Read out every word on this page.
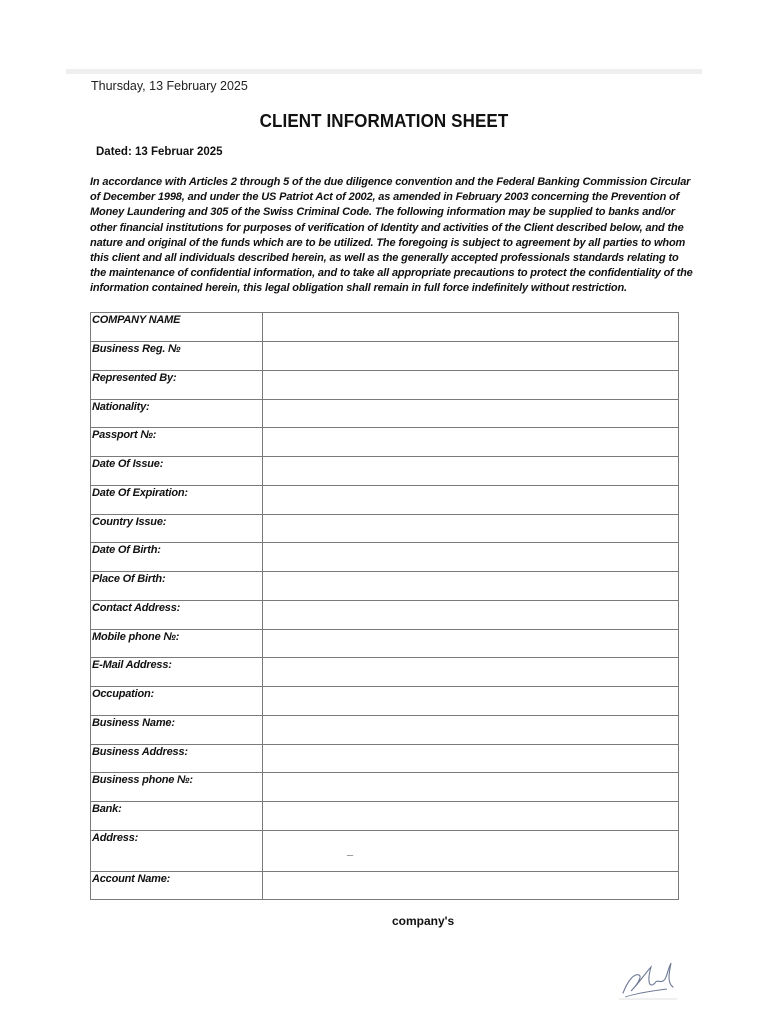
Thursday, 13 February 2025
CLIENT INFORMATION SHEET
Dated: 13 Februar 2025
In accordance with Articles 2 through 5 of the due diligence convention and the Federal Banking Commission Circular of December 1998, and under the US Patriot Act of 2002, as amended in February 2003 concerning the Prevention of Money Laundering and 305 of the Swiss Criminal Code. The following information may be supplied to banks and/or other financial institutions for purposes of verification of Identity and activities of the Client described below, and the nature and original of the funds which are to be utilized. The foregoing is subject to agreement by all parties to whom this client and all individuals described herein, as well as the generally accepted professionals standards relating to the maintenance of confidential information, and to take all appropriate precautions to protect the confidentiality of the information contained herein, this legal obligation shall remain in full force indefinitely without restriction.
COMPANY NAME	
Business Reg. №	
Represented By:	
Nationality:	
Passport №:	
Date Of Issue:	
Date Of Expiration:	
Country Issue:	
Date Of Birth:	
Place Of Birth:	
Contact Address:	
Mobile phone №:	
E-Mail Address:	
Occupation:	
Business Name:	
Business Address:	
Business phone №:	
Bank:	
Address:	_

Account Name:	
company's
